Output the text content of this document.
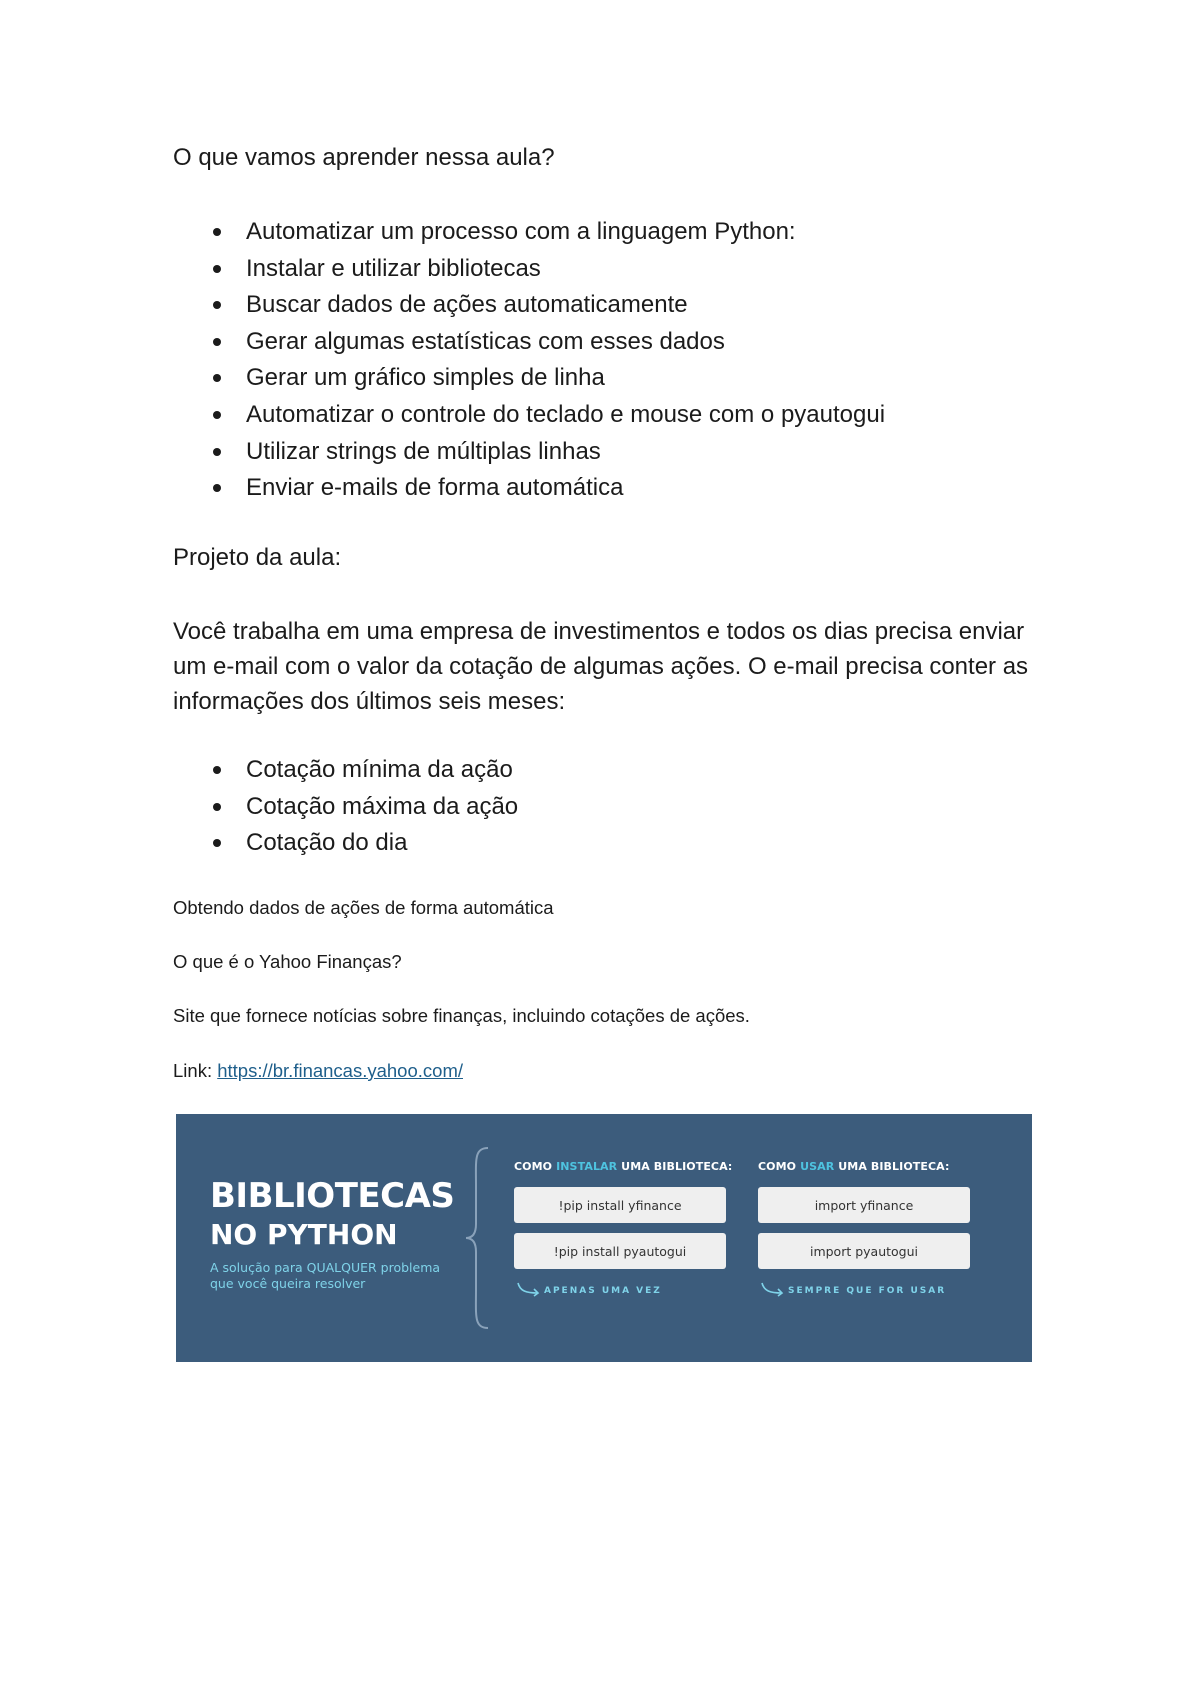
O que vamos aprender nessa aula?
Automatizar um processo com a linguagem Python:
Instalar e utilizar bibliotecas
Buscar dados de ações automaticamente
Gerar algumas estatísticas com esses dados
Gerar um gráfico simples de linha
Automatizar o controle do teclado e mouse com o pyautogui
Utilizar strings de múltiplas linhas
Enviar e-mails de forma automática
Projeto da aula:

Você trabalha em uma empresa de investimentos e todos os dias precisa enviar um e-mail com o valor da cotação de algumas ações. O e-mail precisa conter as informações dos últimos seis meses:

Cotação mínima da ação
Cotação máxima da ação
Cotação do dia
Obtendo dados de ações de forma automática
O que é o Yahoo Finanças?
Site que fornece notícias sobre finanças, incluindo cotações de ações.
Link: https://br.financas.yahoo.com/
BIBLIOTECAS
NO PYTHON
A solução para QUALQUER problema que você queira resolver
COMO INSTALAR UMA BIBLIOTECA:
!pip install yfinance
!pip install pyautogui
APENAS UMA VEZ
COMO USAR UMA BIBLIOTECA:
import yfinance
import pyautogui
SEMPRE QUE FOR USAR
